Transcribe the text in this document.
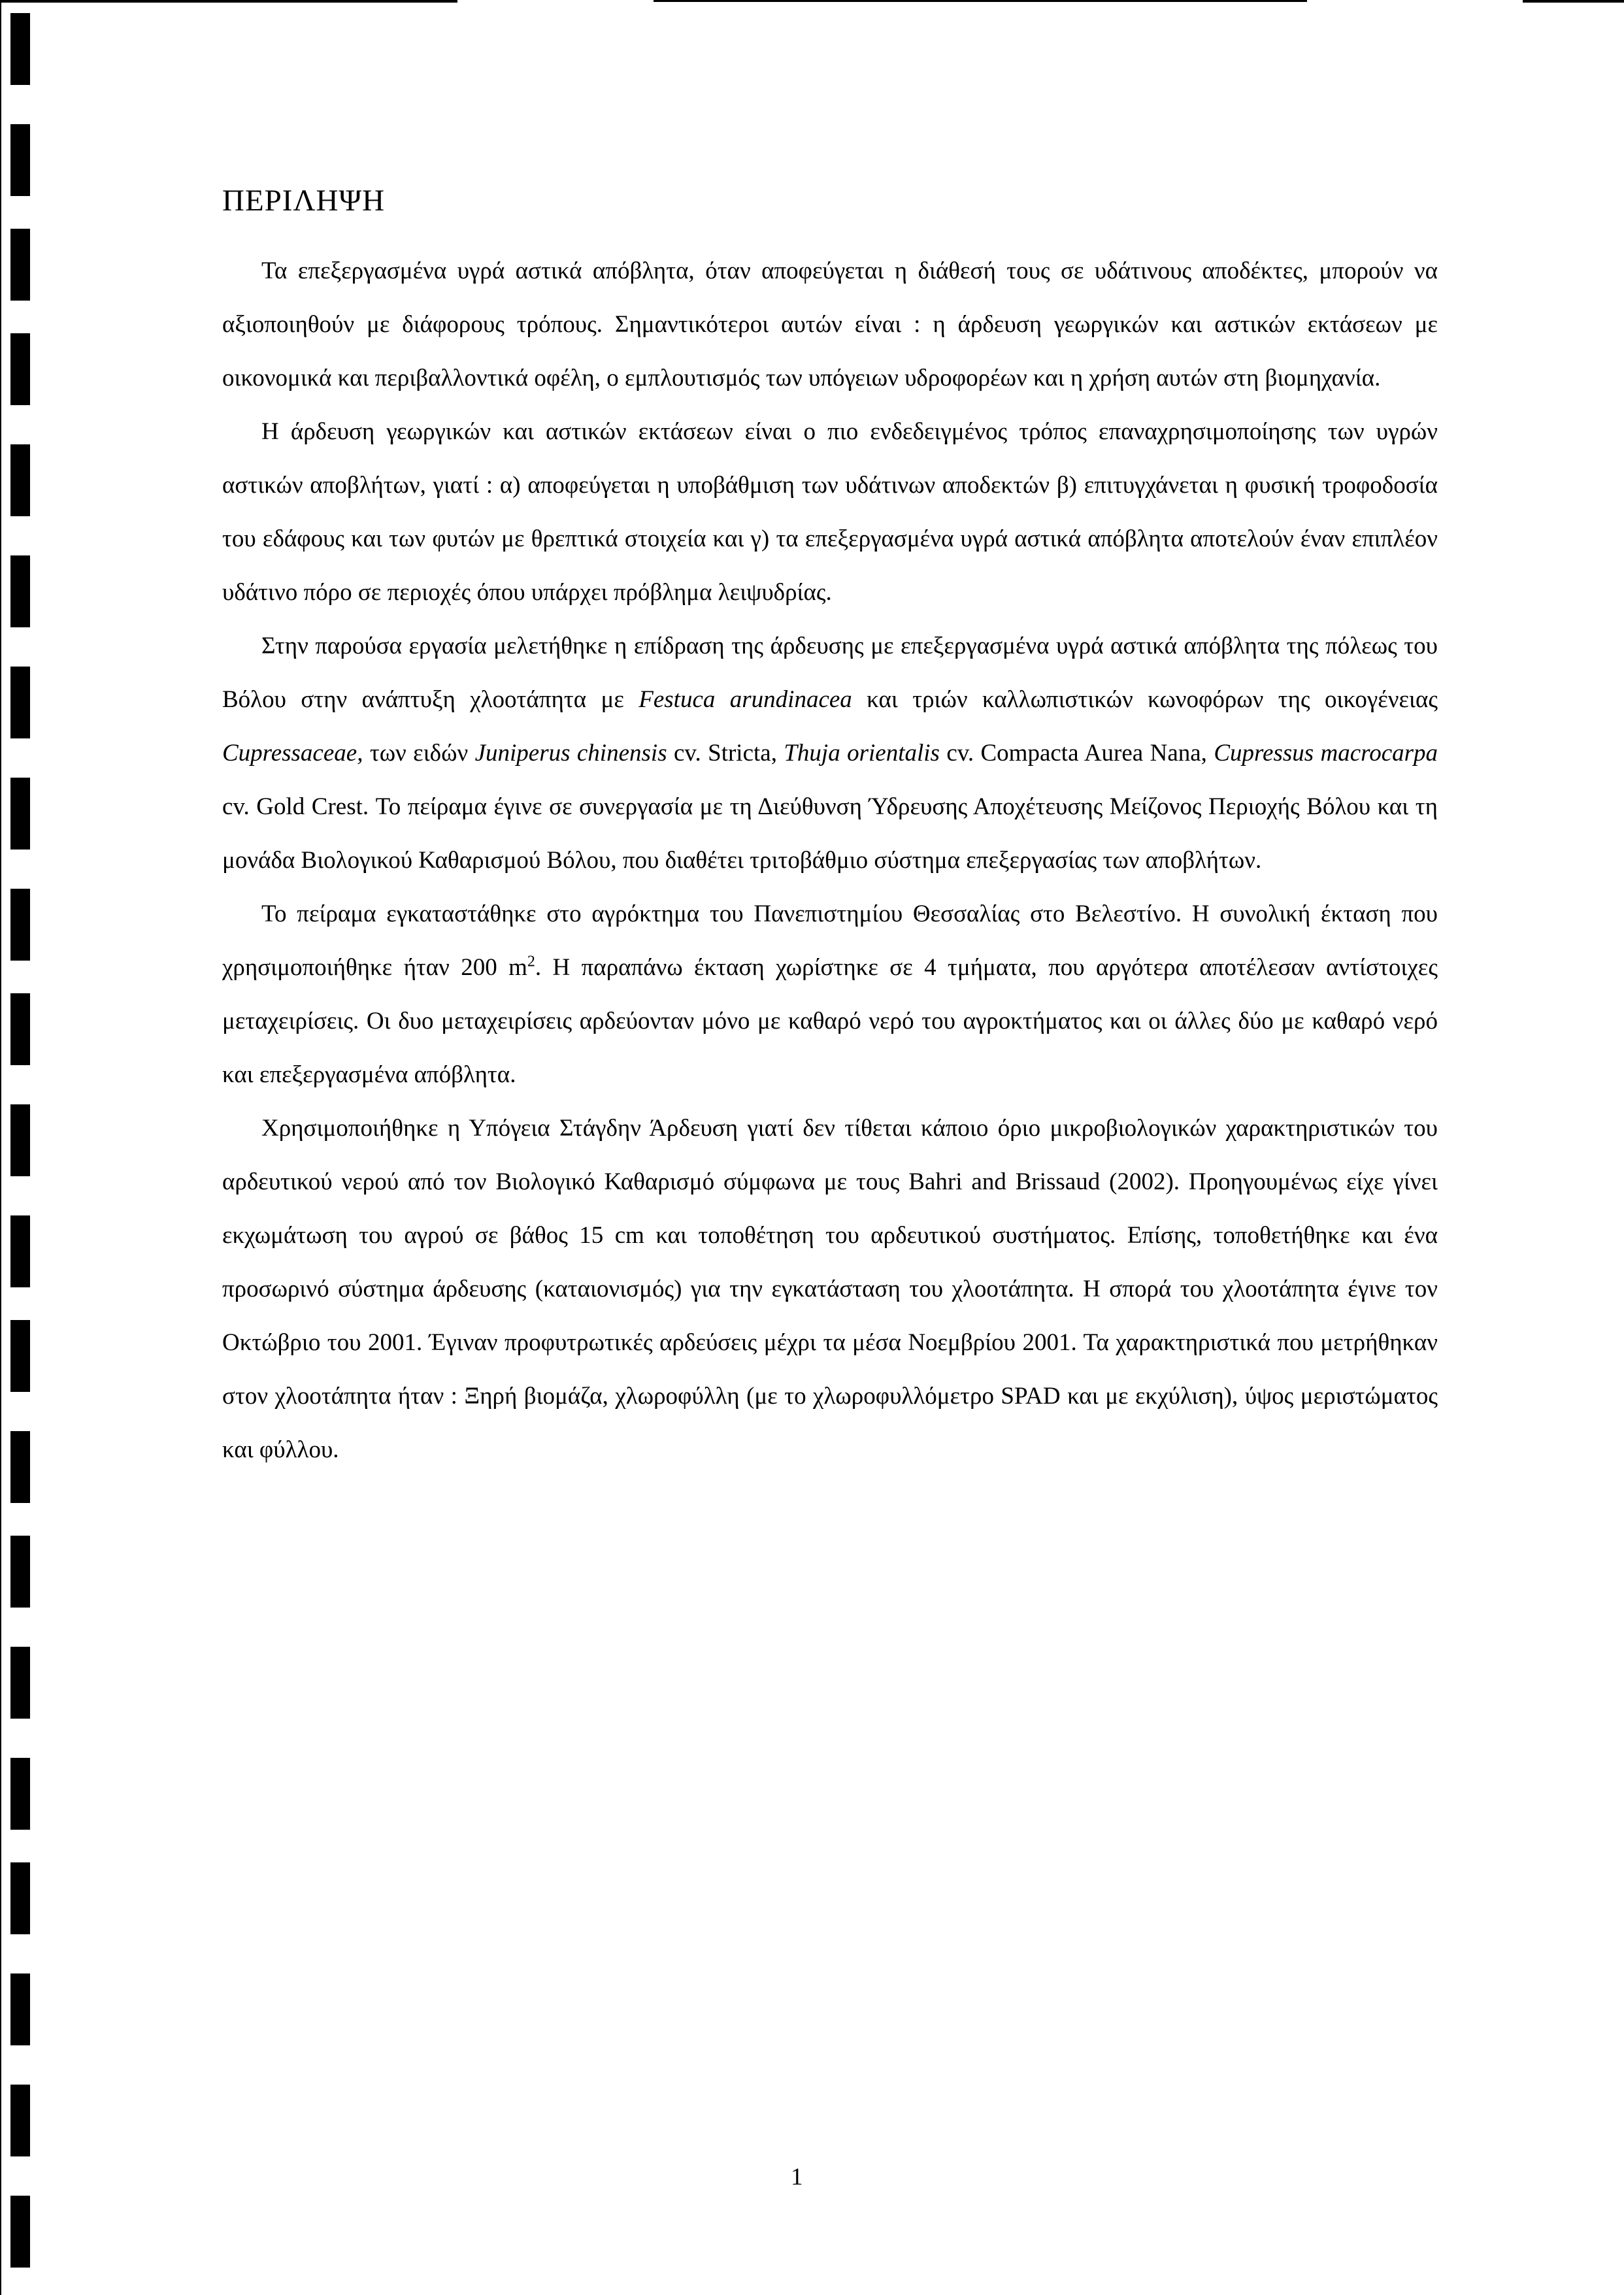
ΠΕΡΙΛΗΨΗ

Τα επεξεργασμένα υγρά αστικά απόβλητα, όταν αποφεύγεται η διάθεσή τους σε υδάτινους αποδέκτες, μπορούν να αξιοποιηθούν με διάφορους τρόπους. Σημαντικότεροι αυτών είναι : η άρδευση γεωργικών και αστικών εκτάσεων με οικονομικά και περιβαλλοντικά οφέλη, ο εμπλουτισμός των υπόγειων υδροφορέων και η χρήση αυτών στη βιομηχανία.

Η άρδευση γεωργικών και αστικών εκτάσεων είναι ο πιο ενδεδειγμένος τρόπος επαναχρησιμοποίησης των υγρών αστικών αποβλήτων, γιατί : α) αποφεύγεται η υποβάθμιση των υδάτινων αποδεκτών β) επιτυγχάνεται η φυσική τροφοδοσία του εδάφους και των φυτών με θρεπτικά στοιχεία και γ) τα επεξεργασμένα υγρά αστικά απόβλητα αποτελούν έναν επιπλέον υδάτινο πόρο σε περιοχές όπου υπάρχει πρόβλημα λειψυδρίας.

Στην παρούσα εργασία μελετήθηκε η επίδραση της άρδευσης με επεξεργασμένα υγρά αστικά απόβλητα της πόλεως του Βόλου στην ανάπτυξη χλοοτάπητα με Festuca arundinacea και τριών καλλωπιστικών κωνοφόρων της οικογένειας Cupressaceae, των ειδών Juniperus chinensis cv. Stricta, Thuja orientalis cv. Compacta Aurea Nana, Cupressus macrocarpa cv. Gold Crest. Το πείραμα έγινε σε συνεργασία με τη Διεύθυνση Ύδρευσης Αποχέτευσης Μείζονος Περιοχής Βόλου και τη μονάδα Βιολογικού Καθαρισμού Βόλου, που διαθέτει τριτοβάθμιο σύστημα επεξεργασίας των αποβλήτων.

Το πείραμα εγκαταστάθηκε στο αγρόκτημα του Πανεπιστημίου Θεσσαλίας στο Βελεστίνο. Η συνολική έκταση που χρησιμοποιήθηκε ήταν 200 $m^2$. Η παραπάνω έκταση χωρίστηκε σε 4 τμήματα, που αργότερα αποτέλεσαν αντίστοιχες μεταχειρίσεις. Οι δυο μεταχειρίσεις αρδεύονταν μόνο με καθαρό νερό του αγροκτήματος και οι άλλες δύο με καθαρό νερό και επεξεργασμένα απόβλητα.

Χρησιμοποιήθηκε η Υπόγεια Στάγδην Άρδευση γιατί δεν τίθεται κάποιο όριο μικροβιολογικών χαρακτηριστικών του αρδευτικού νερού από τον Βιολογικό Καθαρισμό σύμφωνα με τους Bahri and Brissaud (2002). Προηγουμένως είχε γίνει εκχωμάτωση του αγρού σε βάθος 15 cm και τοποθέτηση του αρδευτικού συστήματος. Επίσης, τοποθετήθηκε και ένα προσωρινό σύστημα άρδευσης (καταιονισμός) για την εγκατάσταση του χλοοτάπητα. Η σπορά του χλοοτάπητα έγινε τον Οκτώβριο του 2001. Έγιναν προφυτρωτικές αρδεύσεις μέχρι τα μέσα Νοεμβρίου 2001. Τα χαρακτηριστικά που μετρήθηκαν στον χλοοτάπητα ήταν : Ξηρή βιομάζα, χλωροφύλλη (με το χλωροφυλλόμετρο SPAD και με εκχύλιση), ύψος μεριστώματος και φύλλου.

1
